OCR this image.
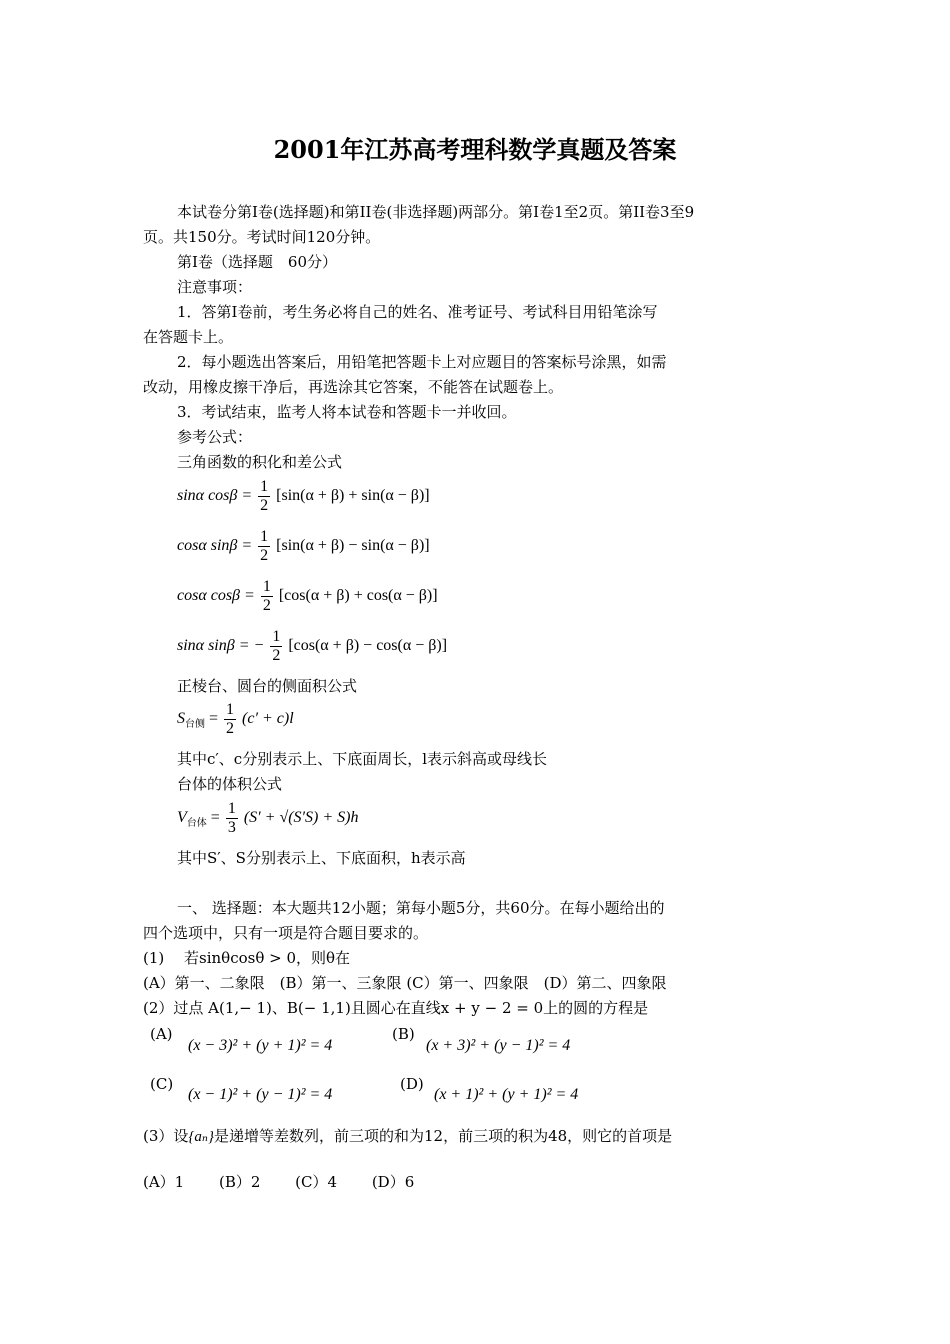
2001年江苏高考理科数学真题及答案
本试卷分第Ⅰ卷(选择题)和第II卷(非选择题)两部分。第Ⅰ卷1至2页。第II卷3至9
页。共150分。考试时间120分钟。
第Ⅰ卷（选择题　60分）
注意事项：
1．答第Ⅰ卷前，考生务必将自己的姓名、准考证号、考试科目用铅笔涂写
在答题卡上。
2．每小题选出答案后，用铅笔把答题卡上对应题目的答案标号涂黑，如需
改动，用橡皮擦干净后，再选涂其它答案，不能答在试题卷上。
3．考试结束，监考人将本试卷和答题卡一并收回。
参考公式：
三角函数的积化和差公式
sinα $\cos\beta = \frac{1}{2} [\sin(\alpha + \beta) + \sin(\alpha - \beta)]$
cosα $\sin\beta = \frac{1}{2} [\sin(\alpha + \beta) - \sin(\alpha - \beta)]$
cosα $\cos\beta = \frac{1}{2} [\cos(\alpha + \beta) + \cos(\alpha - \beta)]$
sinα sinβ = − $\frac{1}{2} [\cos(\alpha + \beta) - \cos(\alpha - \beta)]$
正棱台、圆台的侧面积公式
$S_{台侧} = \frac{1}{2} (c' + c)l$
其中c′、c分别表示上、下底面周长，l表示斜高或母线长
台体的体积公式
$V_{台体} = \frac{1}{3} (S' + √(S'S) + S)h$
其中S′、S分别表示上、下底面积，h表示高
一、 选择题：本大题共12小题；第每小题5分，共60分。在每小题给出的
四个选项中，只有一项是符合题目要求的。
(1)　 若sinθcosθ > 0，则θ在
(A）第一、二象限　(B）第一、三象限 (C）第一、四象限　(D）第二、四象限
(2）过点 A(1,− 1)、B(− 1,1)且圆心在直线x + y − 2 = 0上的圆的方程是
(A)
(x − 3)² + (y + 1)² = 4
(B)
(x + 3)² + (y − 1)² = 4
(C)
(x − 1)² + (y − 1)² = 4
(D)
(x + 1)² + (y + 1)² = 4
(3）设{aₙ}是递增等差数列，前三项的和为12，前三项的积为48，则它的首项是
(A）1　　 (B）2　　 (C）4　　 (D）6
